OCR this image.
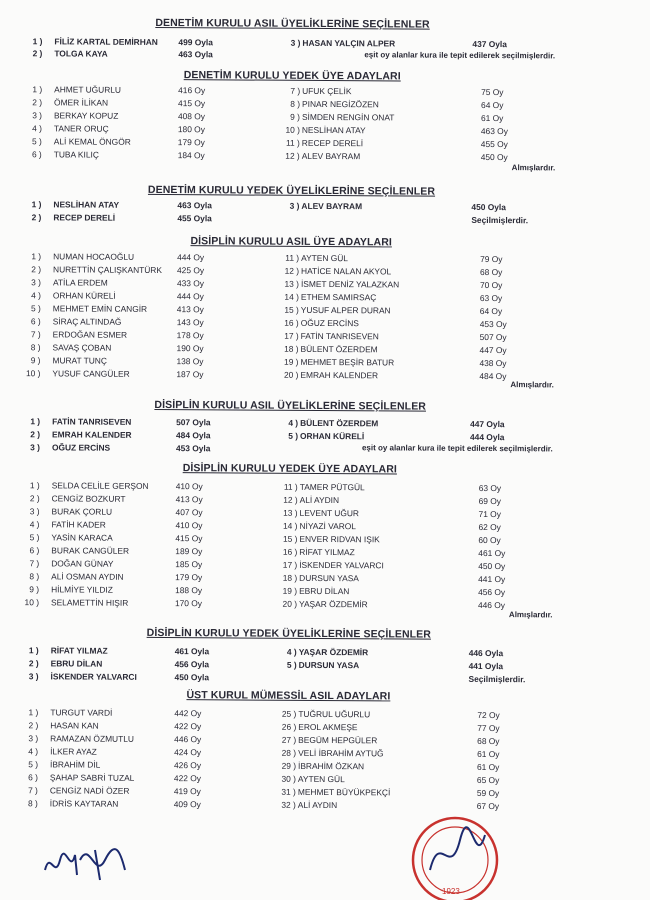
DENETİM KURULU ASIL ÜYELİKLERİNE SEÇİLENLER
1 ) FİLİZ KARTAL DEMİRHAN 499 Oyla	3 ) HASAN YALÇIN ALPER	437 Oyla
2 ) TOLGA KAYA	463 Oyla	eşit oy alanlar kura ile tepit edilerek seçilmişlerdir.
DENETİM KURULU YEDEK ÜYE ADAYLARI
1 ) AHMET UĞURLU	416 Oy	7 ) UFUK ÇELİK	75 Oy
2 ) ÖMER İLİKAN	415 Oy	8 ) PINAR NEGİZÖZEN	64 Oy
3 ) BERKAY KOPUZ	408 Oy	9 ) SİMDEN RENGİN ONAT	61 Oy
4 ) TANER ORUÇ	180 Oy	10 ) NESLİHAN ATAY	463 Oy
5 ) ALİ KEMAL ÖNGÖR	179 Oy	11 ) RECEP DERELİ	455 Oy
6 ) TUBA KILIÇ	184 Oy	12 ) ALEV BAYRAM	450 Oy
Almışlardır.
DENETİM KURULU YEDEK ÜYELİKLERİNE SEÇİLENLER
1 ) NESLİHAN ATAY	463 Oyla	3 ) ALEV BAYRAM	450 Oyla
2 ) RECEP DERELİ	455 Oyla	Seçilmişlerdir.
DİSİPLİN KURULU ASIL ÜYE ADAYLARI
1 ) NUMAN HOCAOĞLU	444 Oy	11 ) AYTEN GÜL	79 Oy
2 ) NURETTİN ÇALIŞKANTÜRK 425 Oy	12 ) HATİCE NALAN AKYOL	68 Oy
3 ) ATİLA ERDEM	433 Oy	13 ) İSMET DENİZ YALAZKAN	70 Oy
4 ) ORHAN KÜRELİ	444 Oy	14 ) ETHEM SAMIRSAÇ	63 Oy
5 ) MEHMET EMİN CANGİR	413 Oy	15 ) YUSUF ALPER DURAN	64 Oy
6 ) SİRAÇ ALTINDAĞ	143 Oy	16 ) OĞUZ ERCİNS	453 Oy
7 ) ERDOĞAN ESMER	178 Oy	17 ) FATİN TANRISEVEN	507 Oy
8 ) SAVAŞ ÇOBAN	190 Oy	18 ) BÜLENT ÖZERDEM	447 Oy
9 ) MURAT TUNÇ	138 Oy	19 ) MEHMET BEŞİR BATUR	438 Oy
10 ) YUSUF CANGÜLER	187 Oy	20 ) EMRAH KALENDER	484 Oy
Almışlardır.
DİSİPLİN KURULU ASIL ÜYELİKLERİNE SEÇİLENLER
1 ) FATİN TANRISEVEN	507 Oyla	4 ) BÜLENT ÖZERDEM	447 Oyla
2 ) EMRAH KALENDER	484 Oyla	5 ) ORHAN KÜRELİ	444 Oyla
3 ) OĞUZ ERCİNS	453 Oyla	eşit oy alanlar kura ile tepit edilerek seçilmişlerdir.
DİSİPLİN KURULU YEDEK ÜYE ADAYLARI
1 ) SELDA CELİLE GERŞON	410 Oy	11 ) TAMER PÜTGÜL	63 Oy
2 ) CENGİZ BOZKURT	413 Oy	12 ) ALİ AYDIN	69 Oy
3 ) BURAK ÇORLU	407 Oy	13 ) LEVENT UĞUR	71 Oy
4 ) FATİH KADER	410 Oy	14 ) NİYAZİ VAROL	62 Oy
5 ) YASİN KARACA	415 Oy	15 ) ENVER RIDVAN IŞIK	60 Oy
6 ) BURAK CANGÜLER	189 Oy	16 ) RİFAT YILMAZ	461 Oy
7 ) DOĞAN GÜNAY	185 Oy	17 ) İSKENDER YALVARCI	450 Oy
8 ) ALİ OSMAN AYDIN	179 Oy	18 ) DURSUN YASA	441 Oy
9 ) HİLMİYE YILDIZ	188 Oy	19 ) EBRU DİLAN	456 Oy
10 ) SELAMETTİN HIŞIR	170 Oy	20 ) YAŞAR ÖZDEMİR	446 Oy
Almışlardır.
DİSİPLİN KURULU YEDEK ÜYELİKLERİNE SEÇİLENLER
1 ) RİFAT YILMAZ	461 Oyla	4 ) YAŞAR ÖZDEMİR	446 Oyla
2 ) EBRU DİLAN	456 Oyla	5 ) DURSUN YASA	441 Oyla
3 ) İSKENDER YALVARCI	450 Oyla	Seçilmişlerdir.
ÜST KURUL MÜMESSİL ASIL ADAYLARI
1 ) TURGUT VARDİ	442 Oy	25 ) TUĞRUL UĞURLU	72 Oy
2 ) HASAN KAN	422 Oy	26 ) EROL AKMEŞE	77 Oy
3 ) RAMAZAN ÖZMUTLU	446 Oy	27 ) BEGÜM HEPGÜLER	68 Oy
4 ) İLKER AYAZ	424 Oy	28 ) VELİ İBRAHİM AYTUĞ	61 Oy
5 ) İBRAHİM DİL	426 Oy	29 ) İBRAHİM ÖZKAN	61 Oy
6 ) ŞAHAP SABRİ TUZAL	422 Oy	30 ) AYTEN GÜL	65 Oy
7 ) CENGİZ NADİ ÖZER	419 Oy	31 ) MEHMET BÜYÜKPEKÇİ	59 Oy
8 ) İDRİS KAYTARAN	409 Oy	32 ) ALİ AYDIN	67 Oy
1923
